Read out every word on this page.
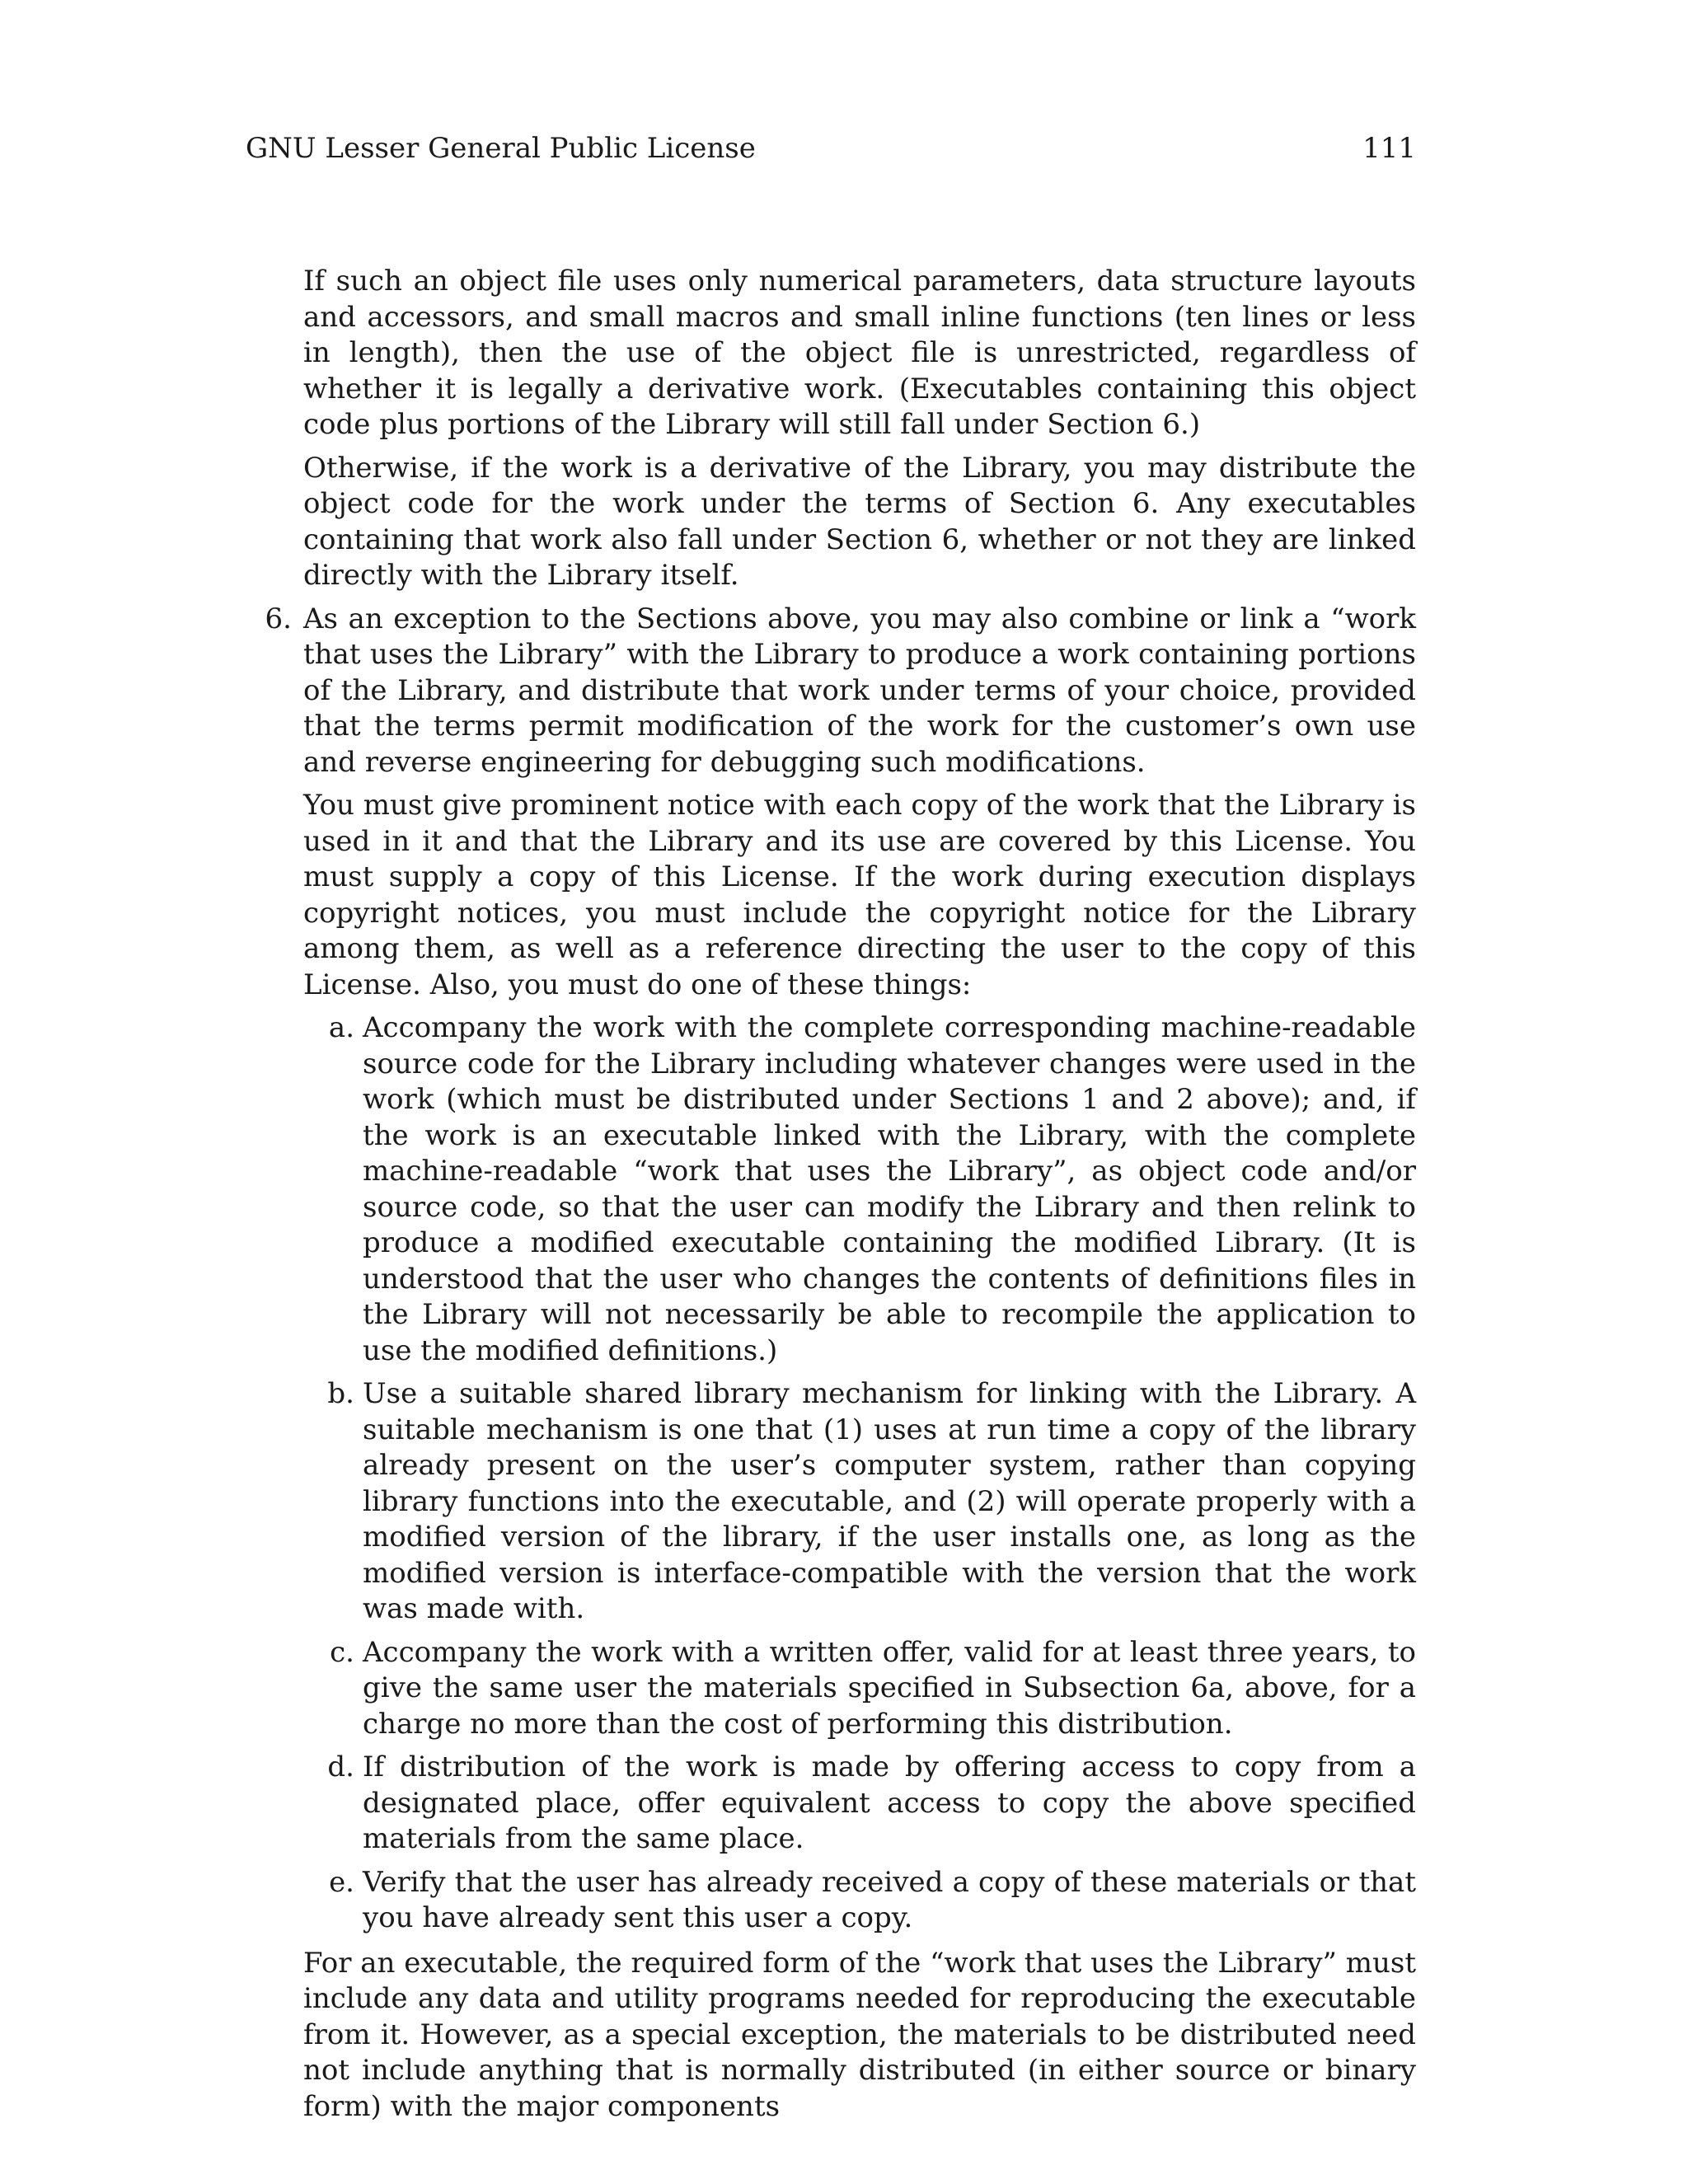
GNU Lesser General Public License	111

If such an object file uses only numerical parameters, data structure layouts and accessors, and small macros and small inline functions (ten lines or less in length), then the use of the object file is unrestricted, regardless of whether it is legally a derivative work. (Executables containing this object code plus portions of the Library will still fall under Section 6.)

Otherwise, if the work is a derivative of the Library, you may distribute the object code for the work under the terms of Section 6. Any executables containing that work also fall under Section 6, whether or not they are linked directly with the Library itself.

6. As an exception to the Sections above, you may also combine or link a “work that uses the Library” with the Library to produce a work containing portions of the Library, and distribute that work under terms of your choice, provided that the terms permit modification of the work for the customer’s own use and reverse engineering for debugging such modifications.

You must give prominent notice with each copy of the work that the Library is used in it and that the Library and its use are covered by this License. You must supply a copy of this License. If the work during execution displays copyright notices, you must include the copyright notice for the Library among them, as well as a reference directing the user to the copy of this License. Also, you must do one of these things:

a. Accompany the work with the complete corresponding machine-readable source code for the Library including whatever changes were used in the work (which must be distributed under Sections 1 and 2 above); and, if the work is an executable linked with the Library, with the complete machine-readable “work that uses the Library”, as object code and/or source code, so that the user can modify the Library and then relink to produce a modified executable containing the modified Library. (It is understood that the user who changes the contents of definitions files in the Library will not necessarily be able to recompile the application to use the modified definitions.)
b. Use a suitable shared library mechanism for linking with the Library. A suitable mechanism is one that (1) uses at run time a copy of the library already present on the user’s computer system, rather than copying library functions into the executable, and (2) will operate properly with a modified version of the library, if the user installs one, as long as the modified version is interface-compatible with the version that the work was made with.
c. Accompany the work with a written offer, valid for at least three years, to give the same user the materials specified in Subsection 6a, above, for a charge no more than the cost of performing this distribution.
d. If distribution of the work is made by offering access to copy from a designated place, offer equivalent access to copy the above specified materials from the same place.
e. Verify that the user has already received a copy of these materials or that you have already sent this user a copy.

For an executable, the required form of the “work that uses the Library” must include any data and utility programs needed for reproducing the executable from it. However, as a special exception, the materials to be distributed need not include anything that is normally distributed (in either source or binary form) with the major components
